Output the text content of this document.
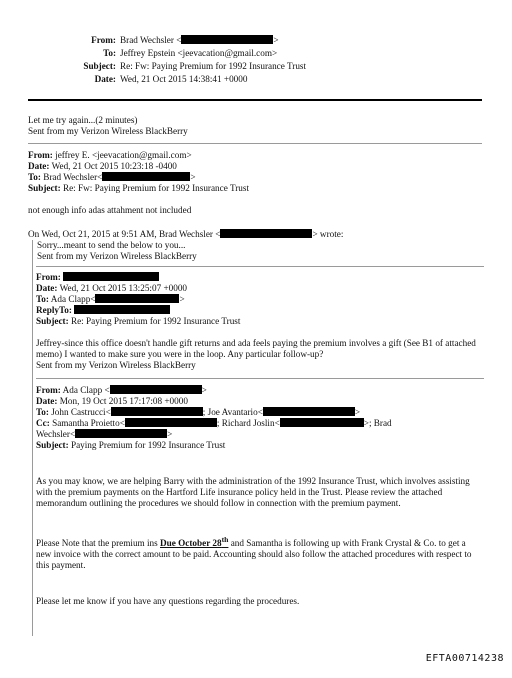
From: Brad Wechsler <	>
To: Jeffrey Epstein <jeevacation@gmail.com>
Subject: Re: Fw: Paying Premium for 1992 Insurance Trust
Date: Wed, 21 Oct 2015 14:38:41 +0000

Let me try again...(2 minutes)

Sent from my Verizon Wireless BlackBerry

From: jeffrey E. <jeevacation@gmail.com>

Date: Wed, 21 Oct 2015 10:23:18 -0400

To: Brad Wechsler<	>

Subject: Re: Fw: Paying Premium for 1992 Insurance Trust

not enough info adas attahment not included

On Wed, Oct 21, 2015 at 9:51 AM, Brad Wechsler <	> wrote:

Sorry...meant to send the below to you...

Sent from my Verizon Wireless BlackBerry

From:

Date: Wed, 21 Oct 2015 13:25:07 +0000

To: Ada Clapp<	>

ReplyTo:

Subject: Re: Paying Premium for 1992 Insurance Trust

Jeffrey-since this office doesn't handle gift returns and ada feels paying the premium involves a gift (See B1 of attached memo) I wanted to make sure you were in the loop. Any particular follow-up?

Sent from my Verizon Wireless BlackBerry

From: Ada Clapp <	>

Date: Mon, 19 Oct 2015 17:17:08 +0000

To: John Castrucci<	; Joe Avantario<	>

Cc: Samantha Proietto<	; Richard Joslin<	>; Brad

Wechsler<	>

Subject: Paying Premium for 1992 Insurance Trust

As you may know, we are helping Barry with the administration of the 1992 Insurance Trust, which involves assisting with the premium payments on the Hartford Life insurance policy held in the Trust. Please review the attached memorandum outlining the procedures we should follow in connection with the premium payment.

Please Note that the premium ins Due October 28th and Samantha is following up with Frank Crystal & Co. to get a new invoice with the correct amount to be paid. Accounting should also follow the attached procedures with respect to this payment.

Please let me know if you have any questions regarding the procedures.

EFTA00714238
